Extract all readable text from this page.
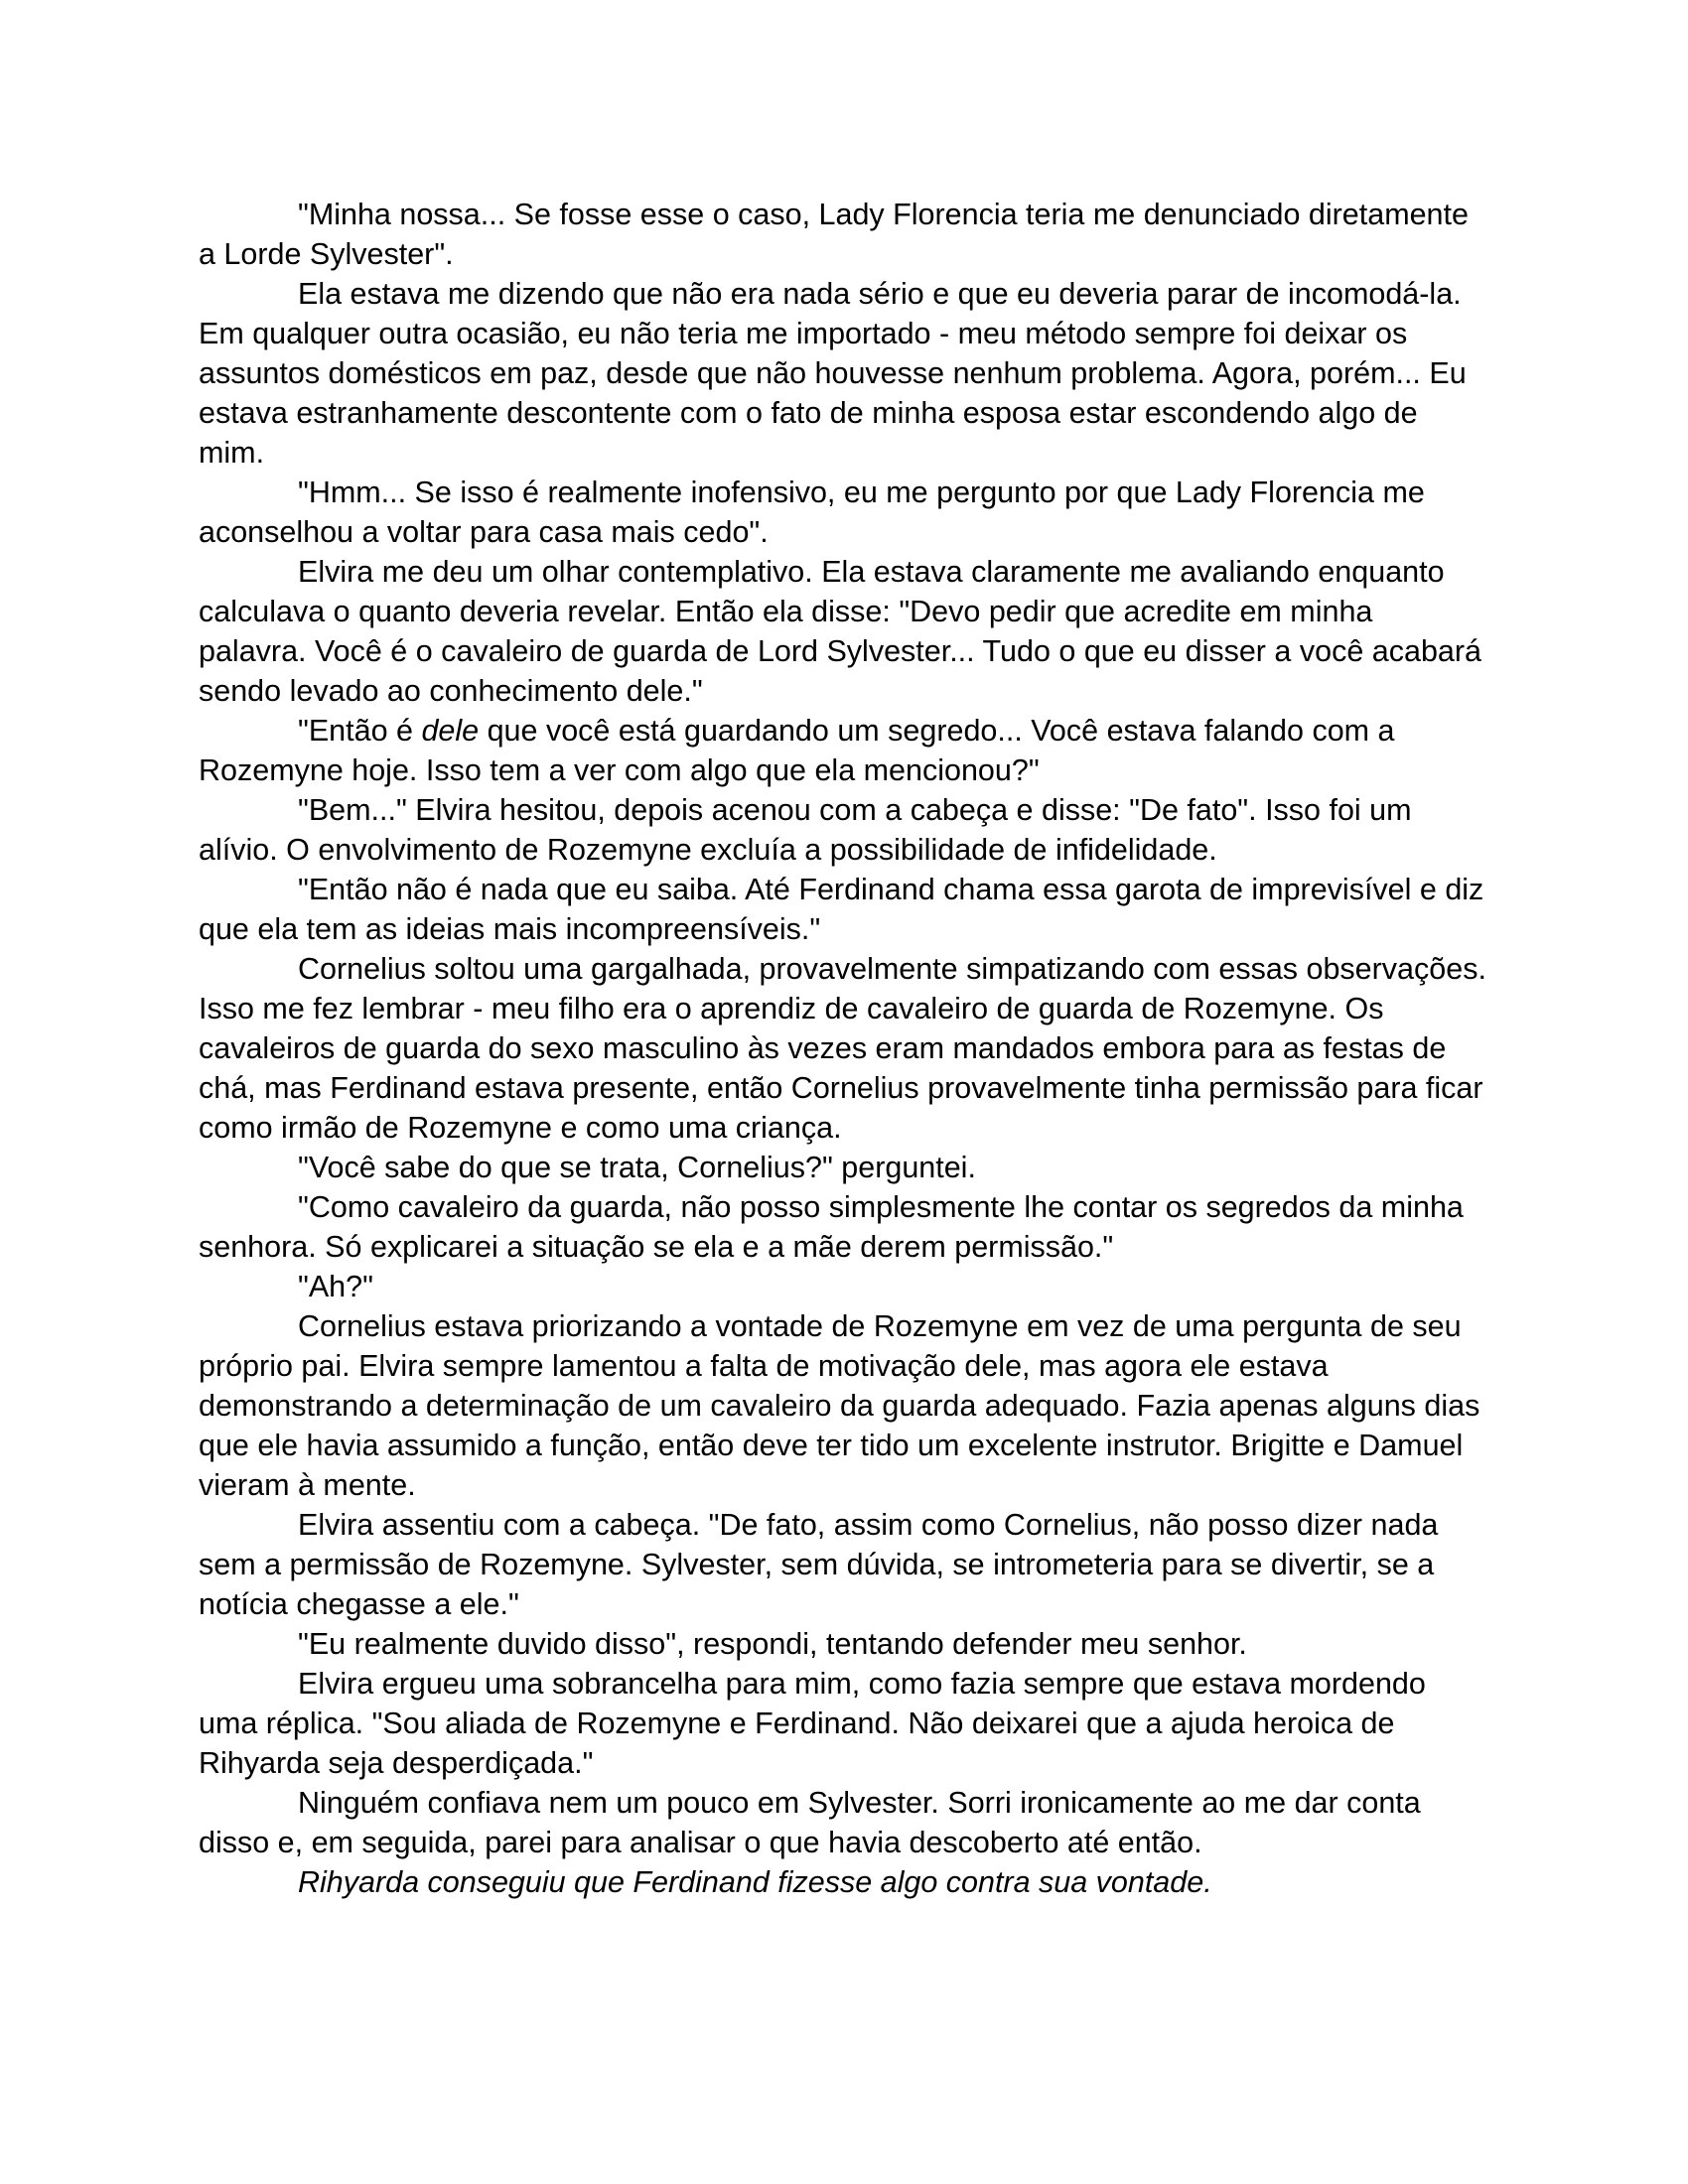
"Minha nossa... Se fosse esse o caso, Lady Florencia teria me denunciado diretamente
a Lorde Sylvester".
Ela estava me dizendo que não era nada sério e que eu deveria parar de incomodá-la.
Em qualquer outra ocasião, eu não teria me importado - meu método sempre foi deixar os
assuntos domésticos em paz, desde que não houvesse nenhum problema. Agora, porém... Eu
estava estranhamente descontente com o fato de minha esposa estar escondendo algo de
mim.
"Hmm... Se isso é realmente inofensivo, eu me pergunto por que Lady Florencia me
aconselhou a voltar para casa mais cedo".
Elvira me deu um olhar contemplativo. Ela estava claramente me avaliando enquanto
calculava o quanto deveria revelar. Então ela disse: "Devo pedir que acredite em minha
palavra. Você é o cavaleiro de guarda de Lord Sylvester... Tudo o que eu disser a você acabará
sendo levado ao conhecimento dele."
"Então é dele que você está guardando um segredo... Você estava falando com a
Rozemyne hoje. Isso tem a ver com algo que ela mencionou?"
"Bem..." Elvira hesitou, depois acenou com a cabeça e disse: "De fato". Isso foi um
alívio. O envolvimento de Rozemyne excluía a possibilidade de infidelidade.
"Então não é nada que eu saiba. Até Ferdinand chama essa garota de imprevisível e diz
que ela tem as ideias mais incompreensíveis."
Cornelius soltou uma gargalhada, provavelmente simpatizando com essas observações.
Isso me fez lembrar - meu filho era o aprendiz de cavaleiro de guarda de Rozemyne. Os
cavaleiros de guarda do sexo masculino às vezes eram mandados embora para as festas de
chá, mas Ferdinand estava presente, então Cornelius provavelmente tinha permissão para ficar
como irmão de Rozemyne e como uma criança.
"Você sabe do que se trata, Cornelius?" perguntei.
"Como cavaleiro da guarda, não posso simplesmente lhe contar os segredos da minha
senhora. Só explicarei a situação se ela e a mãe derem permissão."
"Ah?"
Cornelius estava priorizando a vontade de Rozemyne em vez de uma pergunta de seu
próprio pai. Elvira sempre lamentou a falta de motivação dele, mas agora ele estava
demonstrando a determinação de um cavaleiro da guarda adequado. Fazia apenas alguns dias
que ele havia assumido a função, então deve ter tido um excelente instrutor. Brigitte e Damuel
vieram à mente.
Elvira assentiu com a cabeça. "De fato, assim como Cornelius, não posso dizer nada
sem a permissão de Rozemyne. Sylvester, sem dúvida, se intrometeria para se divertir, se a
notícia chegasse a ele."
"Eu realmente duvido disso", respondi, tentando defender meu senhor.
Elvira ergueu uma sobrancelha para mim, como fazia sempre que estava mordendo
uma réplica. "Sou aliada de Rozemyne e Ferdinand. Não deixarei que a ajuda heroica de
Rihyarda seja desperdiçada."
Ninguém confiava nem um pouco em Sylvester. Sorri ironicamente ao me dar conta
disso e, em seguida, parei para analisar o que havia descoberto até então.
Rihyarda conseguiu que Ferdinand fizesse algo contra sua vontade.
